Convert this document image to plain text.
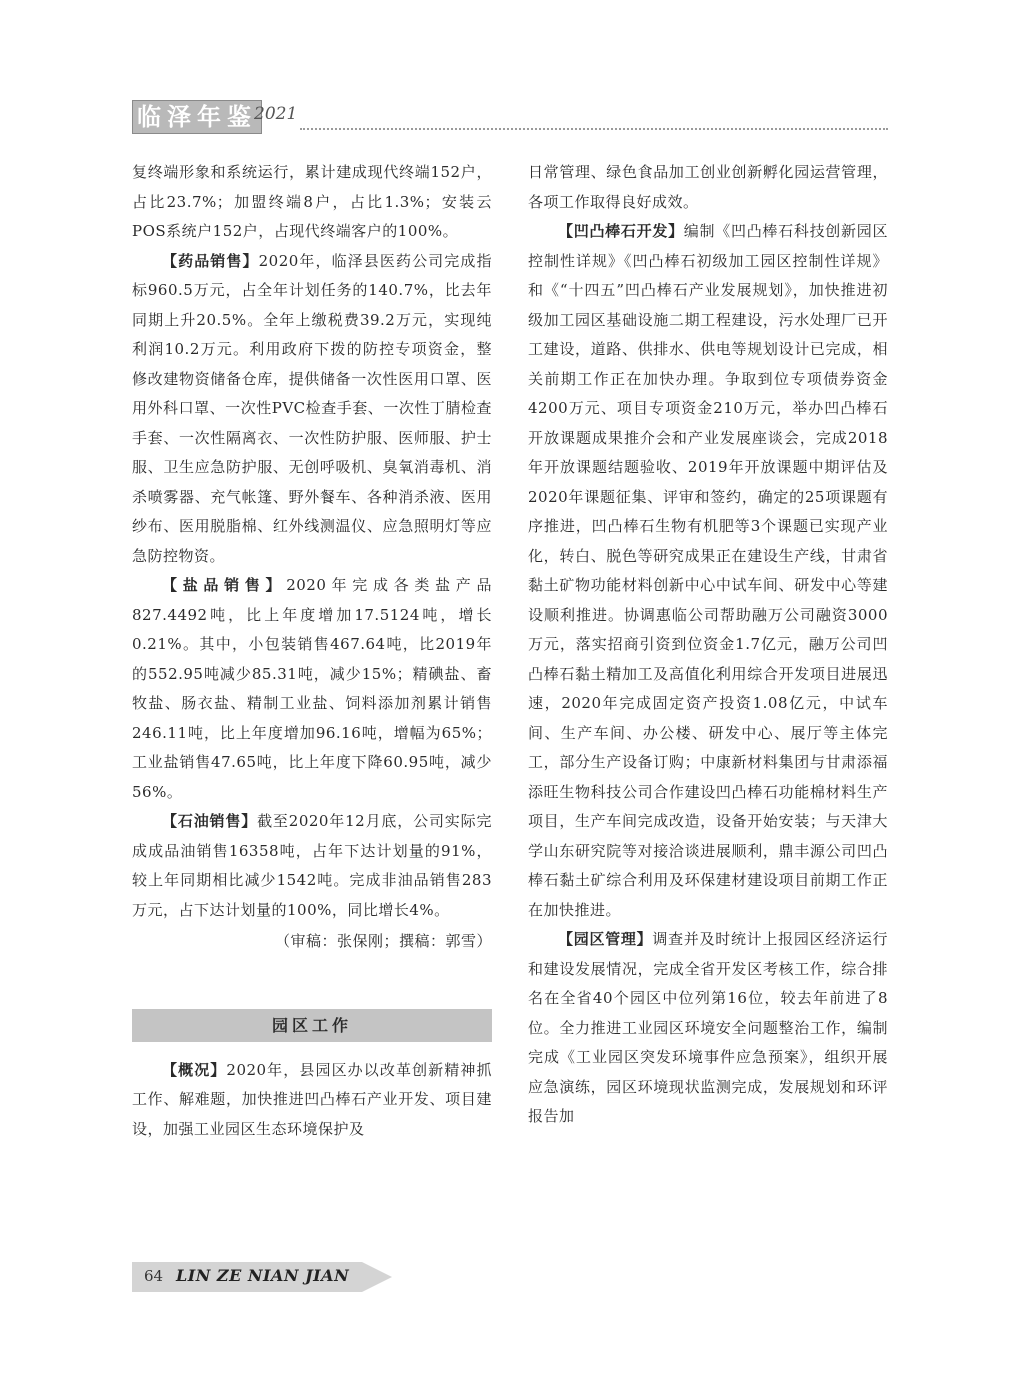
临泽年鉴
2021

复终端形象和系统运行，累计建成现代终端152户，占比23.7%；加盟终端8户，占比1.3%；安装云POS系统户152户，占现代终端客户的100%。

【药品销售】2020年，临泽县医药公司完成指标960.5万元，占全年计划任务的140.7%，比去年同期上升20.5%。全年上缴税费39.2万元，实现纯利润10.2万元。利用政府下拨的防控专项资金，整修改建物资储备仓库，提供储备一次性医用口罩、医用外科口罩、一次性PVC检查手套、一次性丁腈检查手套、一次性隔离衣、一次性防护服、医师服、护士服、卫生应急防护服、无创呼吸机、臭氧消毒机、消杀喷雾器、充气帐篷、野外餐车、各种消杀液、医用纱布、医用脱脂棉、红外线测温仪、应急照明灯等应急防控物资。

【盐品销售】2020年完成各类盐产品827.4492吨，比上年度增加17.5124吨，增长0.21%。其中，小包装销售467.64吨，比2019年的552.95吨减少85.31吨，减少15%；精碘盐、畜牧盐、肠衣盐、精制工业盐、饲料添加剂累计销售246.11吨，比上年度增加96.16吨，增幅为65%；工业盐销售47.65吨，比上年度下降60.95吨，减少56%。

【石油销售】截至2020年12月底，公司实际完成成品油销售16358吨，占年下达计划量的91%，较上年同期相比减少1542吨。完成非油品销售283万元，占下达计划量的100%，同比增长4%。

（审稿：张保刚；撰稿：郭雪）

园区工作

【概况】2020年，县园区办以改革创新精神抓工作、解难题，加快推进凹凸棒石产业开发、项目建设，加强工业园区生态环境保护及

日常管理、绿色食品加工创业创新孵化园运营管理，各项工作取得良好成效。

【凹凸棒石开发】编制《凹凸棒石科技创新园区控制性详规》《凹凸棒石初级加工园区控制性详规》和《“十四五”凹凸棒石产业发展规划》，加快推进初级加工园区基础设施二期工程建设，污水处理厂已开工建设，道路、供排水、供电等规划设计已完成，相关前期工作正在加快办理。争取到位专项债券资金4200万元、项目专项资金210万元，举办凹凸棒石开放课题成果推介会和产业发展座谈会，完成2018年开放课题结题验收、2019年开放课题中期评估及2020年课题征集、评审和签约，确定的25项课题有序推进，凹凸棒石生物有机肥等3个课题已实现产业化，转白、脱色等研究成果正在建设生产线，甘肃省黏土矿物功能材料创新中心中试车间、研发中心等建设顺利推进。协调惠临公司帮助融万公司融资3000万元，落实招商引资到位资金1.7亿元，融万公司凹凸棒石黏土精加工及高值化利用综合开发项目进展迅速，2020年完成固定资产投资1.08亿元，中试车间、生产车间、办公楼、研发中心、展厅等主体完工，部分生产设备订购；中康新材料集团与甘肃添福添旺生物科技公司合作建设凹凸棒石功能棉材料生产项目，生产车间完成改造，设备开始安装；与天津大学山东研究院等对接洽谈进展顺利，鼎丰源公司凹凸棒石黏土矿综合利用及环保建材建设项目前期工作正在加快推进。

【园区管理】调查并及时统计上报园区经济运行和建设发展情况，完成全省开发区考核工作，综合排名在全省40个园区中位列第16位，较去年前进了8位。全力推进工业园区环境安全问题整治工作，编制完成《工业园区突发环境事件应急预案》，组织开展应急演练，园区环境现状监测完成，发展规划和环评报告加

64 LIN ZE NIAN JIAN
